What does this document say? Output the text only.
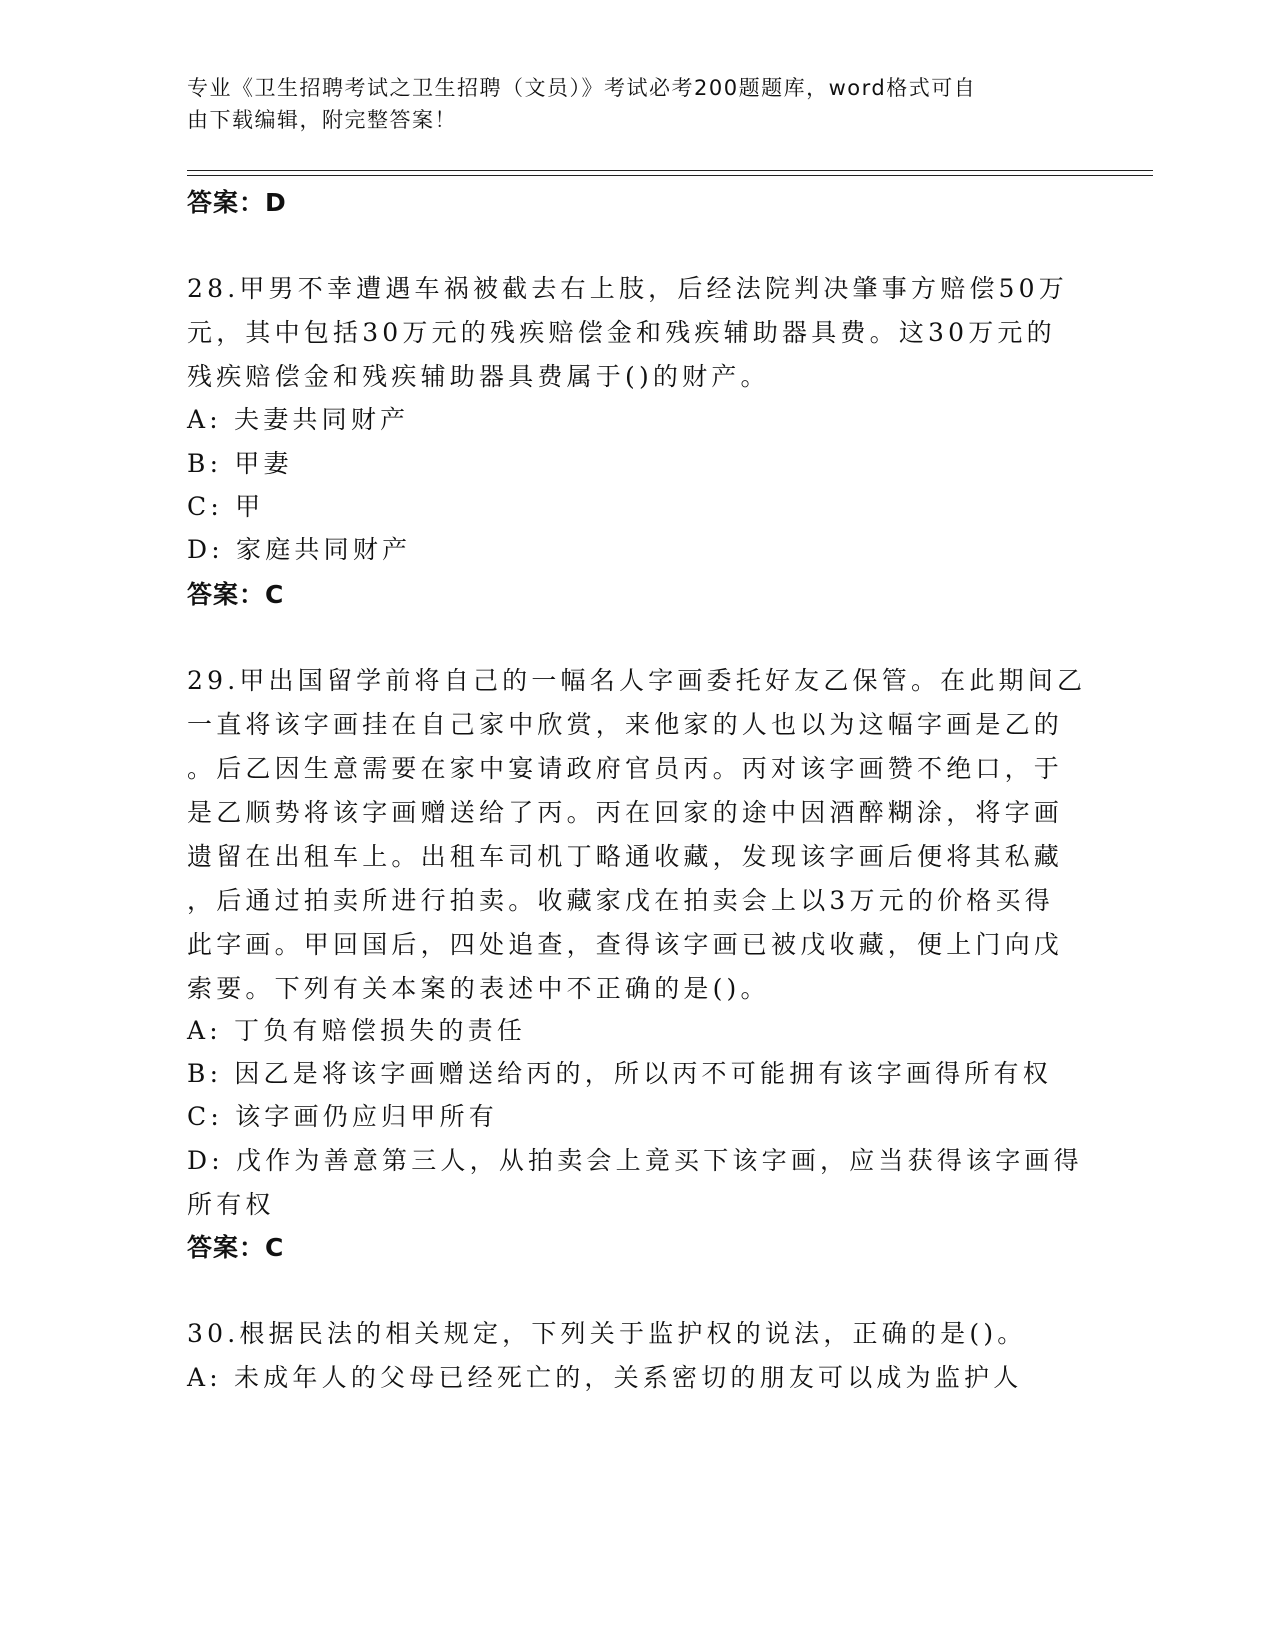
专业《卫生招聘考试之卫生招聘（文员）》考试必考200题题库，word格式可自
由下载编辑，附完整答案！
答案：D
28.甲男不幸遭遇车祸被截去右上肢，后经法院判决肇事方赔偿50万
元，其中包括30万元的残疾赔偿金和残疾辅助器具费。这30万元的
残疾赔偿金和残疾辅助器具费属于()的财产。
A: 夫妻共同财产
B: 甲妻
C: 甲
D: 家庭共同财产
答案：C
29.甲出国留学前将自己的一幅名人字画委托好友乙保管。在此期间乙
一直将该字画挂在自己家中欣赏，来他家的人也以为这幅字画是乙的
。后乙因生意需要在家中宴请政府官员丙。丙对该字画赞不绝口，于
是乙顺势将该字画赠送给了丙。丙在回家的途中因酒醉糊涂，将字画
遗留在出租车上。出租车司机丁略通收藏，发现该字画后便将其私藏
，后通过拍卖所进行拍卖。收藏家戊在拍卖会上以3万元的价格买得
此字画。甲回国后，四处追查，查得该字画已被戊收藏，便上门向戊
索要。下列有关本案的表述中不正确的是()。
A: 丁负有赔偿损失的责任
B: 因乙是将该字画赠送给丙的，所以丙不可能拥有该字画得所有权
C: 该字画仍应归甲所有
D: 戊作为善意第三人，从拍卖会上竟买下该字画，应当获得该字画得
所有权
答案：C
30.根据民法的相关规定，下列关于监护权的说法，正确的是()。
A: 未成年人的父母已经死亡的，关系密切的朋友可以成为监护人
